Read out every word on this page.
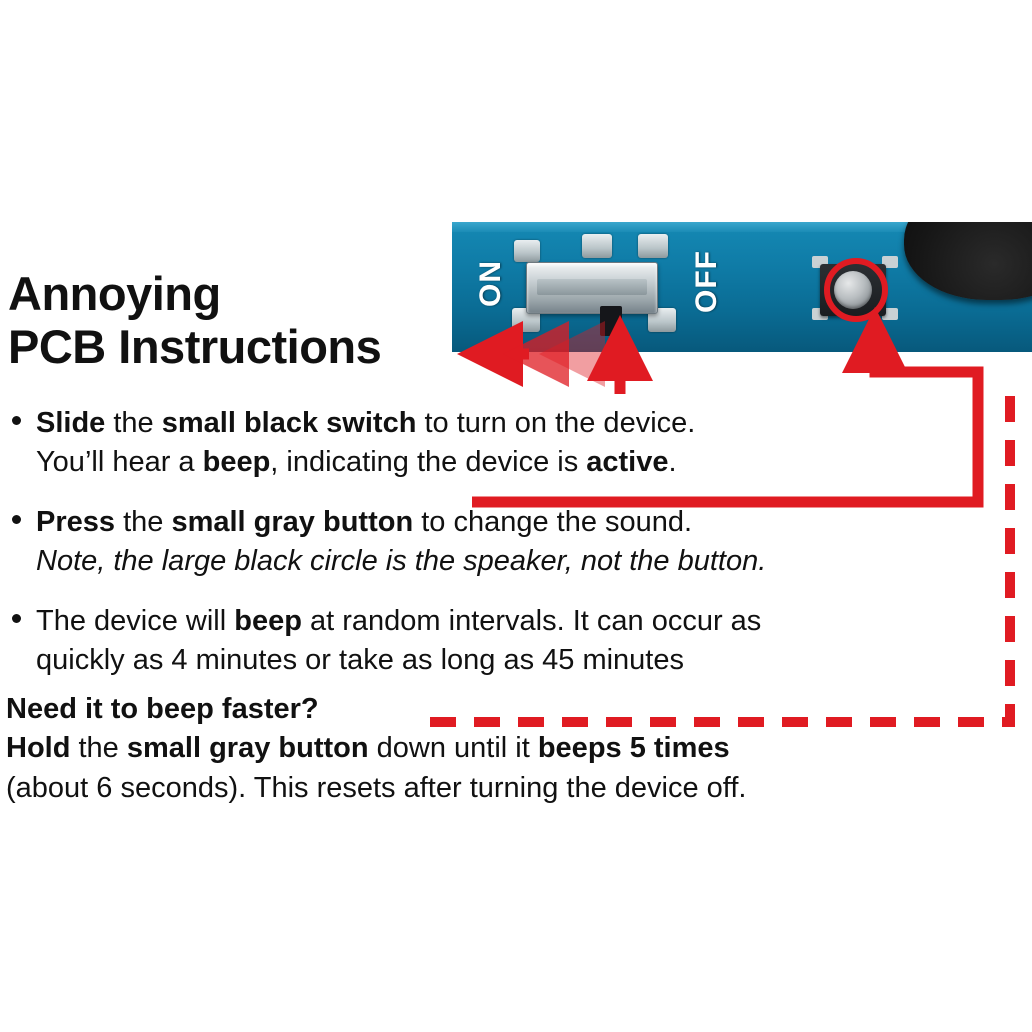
ON	OFF
Annoying
PCB Instructions
Slide the small black switch to turn on the device.
You’ll hear a beep, indicating the device is active.
Press the small gray button to change the sound.
Note, the large black circle is the speaker, not the button.
The device will beep at random intervals. It can occur as
quickly as 4 minutes or take as long as 45 minutes
Need it to beep faster?
Hold the small gray button down until it beeps 5 times
(about 6 seconds). This resets after turning the device off.
